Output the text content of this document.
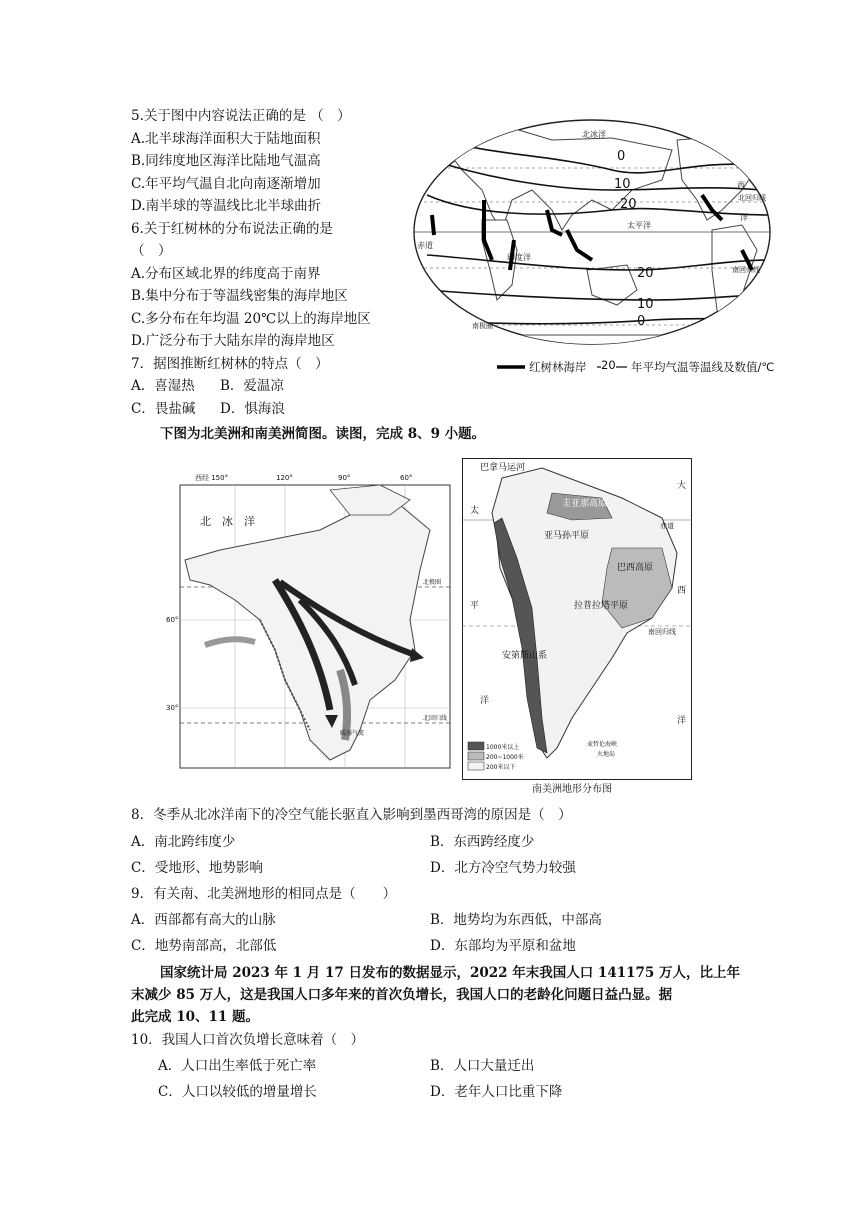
5.关于图中内容说法正确的是 （　）
A.北半球海洋面积大于陆地面积
B.同纬度地区海洋比陆地气温高
C.年平均气温自北向南逐渐增加
D.南半球的等温线比北半球曲折
6.关于红树林的分布说法正确的是
（　）
A.分布区域北界的纬度高于南界
B.集中分布于等温线密集的海岸地区
C.多分布在年均温 20℃以上的海岸地区
D.广泛分布于大陆东岸的海岸地区
7．据图推断红树林的特点（　）
A．喜湿热 B．爱温凉
C．畏盐碱 D．惧海浪
北冰洋
西
北回归线
洋
赤道
太平洋
印度洋
南回归线
南极圈
0
10
20
20
10
0
红树林海岸 20 年平均气温等温线及数值/℃
下图为北美洲和南美洲简图。读图，完成 8、9 小题。
西经 150°	120°	90°	60°
60°
30°
北极圈
北回归线
暖湿气流
北　冰　洋
1000米以上
200~1000米
200米以下
麦哲伦海峡
火地岛
赤道
南回归线
巴拿马运河
圭亚那高原
巴西高原
大
西
洋
太
平
洋
亚马孙平原
拉普拉塔平原
安第斯山系
南美洲地形分布图
8．冬季从北冰洋南下的冷空气能长驱直入影响到墨西哥湾的原因是（　）
A．南北跨纬度少	B．东西跨经度少
C．受地形、地势影响	D．北方冷空气势力较强
9．有关南、北美洲地形的相同点是（　　）
A．西部都有高大的山脉	B．地势均为东西低，中部高
C．地势南部高，北部低	D．东部均为平原和盆地
国家统计局 2023 年 1 月 17 日发布的数据显示，2022 年末我国人口 141175 万人，比上年
末减少 85 万人，这是我国人口多年来的首次负增长，我国人口的老龄化问题日益凸显。据
此完成 10、11 题。
10．我国人口首次负增长意味着（　）
A．人口出生率低于死亡率	B．人口大量迁出
C．人口以较低的增量增长	D．老年人口比重下降
